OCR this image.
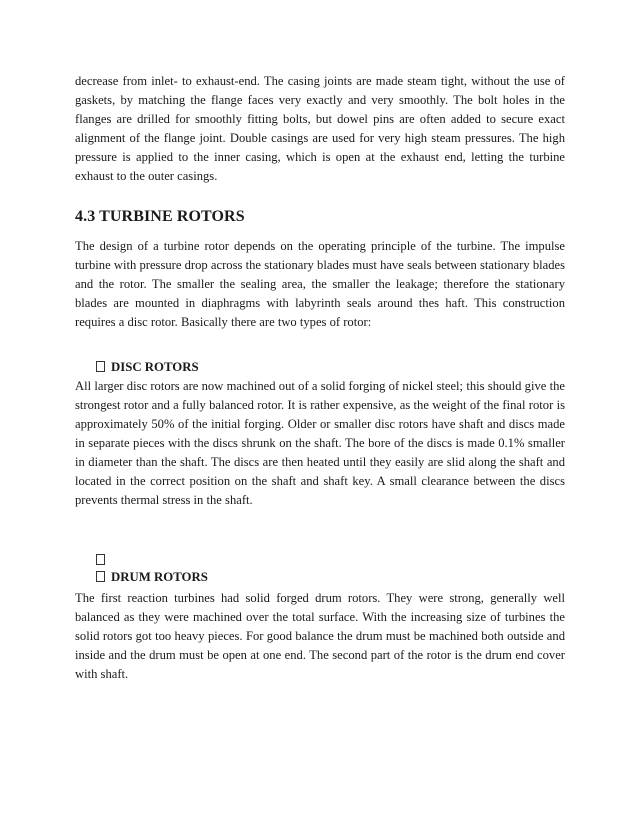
decrease from inlet- to exhaust-end. The casing joints are made steam tight, without the use of gaskets, by matching the flange faces very exactly and very smoothly. The bolt holes in the flanges are drilled for smoothly fitting bolts, but dowel pins are often added to secure exact alignment of the flange joint. Double casings are used for very high steam pressures. The high pressure is applied to the inner casing, which is open at the exhaust end, letting the turbine exhaust to the outer casings.

4.3 TURBINE ROTORS

The design of a turbine rotor depends on the operating principle of the turbine. The impulse turbine with pressure drop across the stationary blades must have seals between stationary blades and the rotor. The smaller the sealing area, the smaller the leakage; therefore the stationary blades are mounted in diaphragms with labyrinth seals around thes haft. This construction requires a disc rotor. Basically there are two types of rotor:

DISC ROTORS

All larger disc rotors are now machined out of a solid forging of nickel steel; this should give the strongest rotor and a fully balanced rotor. It is rather expensive, as the weight of the final rotor is approximately 50% of the initial forging. Older or smaller disc rotors have shaft and discs made in separate pieces with the discs shrunk on the shaft. The bore of the discs is made 0.1% smaller in diameter than the shaft. The discs are then heated until they easily are slid along the shaft and located in the correct position on the shaft and shaft key. A small clearance between the discs prevents thermal stress in the shaft.

DRUM ROTORS

The first reaction turbines had solid forged drum rotors. They were strong, generally well balanced as they were machined over the total surface. With the increasing size of turbines the solid rotors got too heavy pieces. For good balance the drum must be machined both outside and inside and the drum must be open at one end. The second part of the rotor is the drum end cover with shaft.
